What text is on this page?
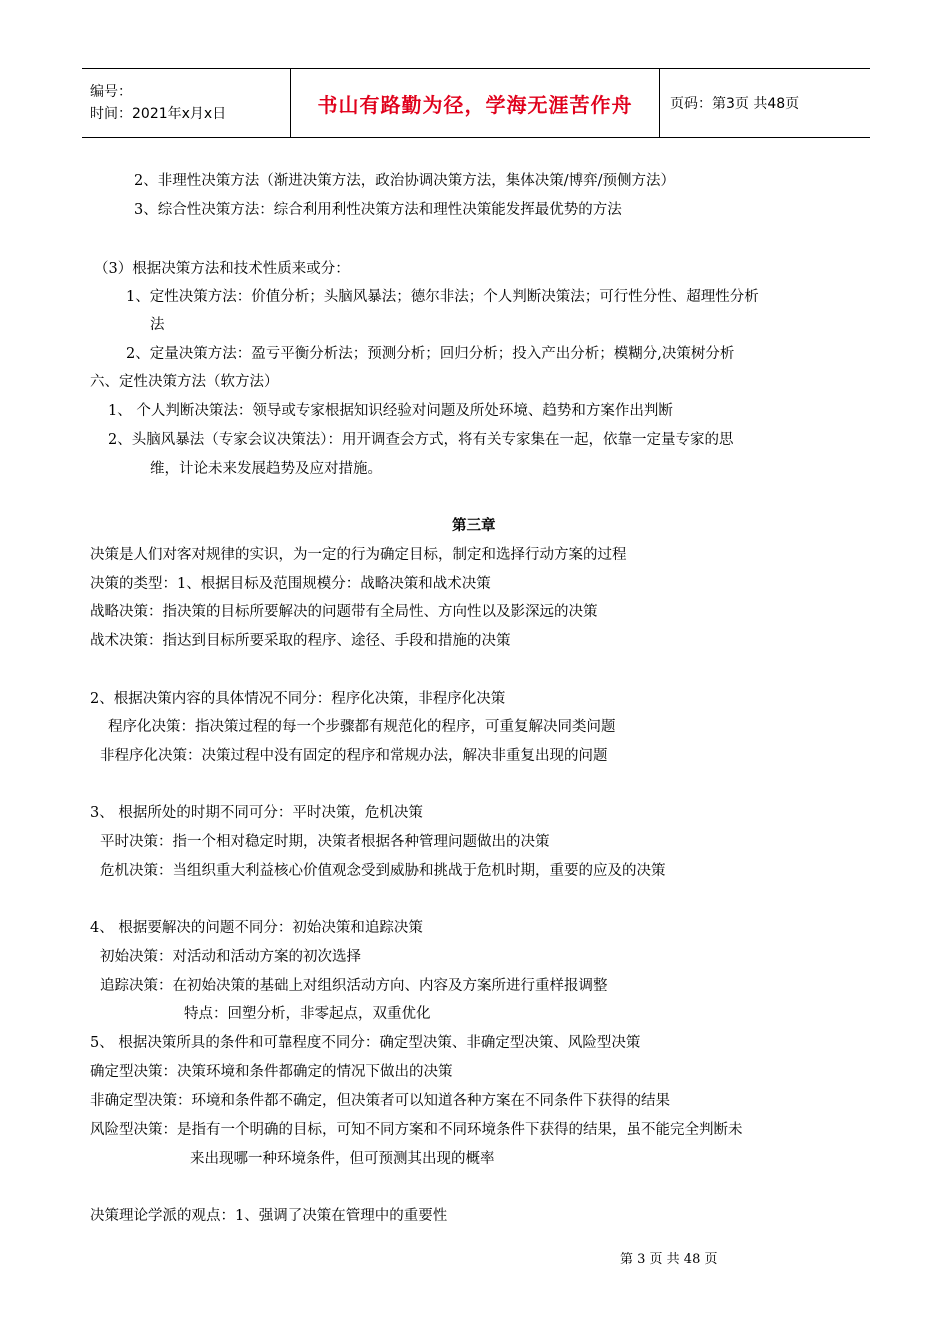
编号：
时间：2021年x月x日	书山有路勤为径，学海无涯苦作舟	页码：第3页 共48页
2、非理性决策方法（渐进决策方法，政治协调决策方法，集体决策/博弈/预侧方法）
3、综合性决策方法：综合利用利性决策方法和理性决策能发挥最优势的方法
（3）根据决策方法和技术性质来或分：
1、定性决策方法：价值分析；头脑风暴法；德尔非法；个人判断决策法；可行性分性、超理性分析
法
2、定量决策方法：盈亏平衡分析法；预测分析；回归分析；投入产出分析；模糊分,决策树分析
六、定性决策方法（软方法）
1、 个人判断决策法：领导或专家根据知识经验对问题及所处环境、趋势和方案作出判断
2、头脑风暴法（专家会议决策法）：用开调查会方式，将有关专家集在一起，依靠一定量专家的思
维，计论未来发展趋势及应对措施。
第三章
决策是人们对客对规律的实识，为一定的行为确定目标，制定和选择行动方案的过程
决策的类型：1、根据目标及范围规模分：战略决策和战术决策
战略决策：指决策的目标所要解决的问题带有全局性、方向性以及影深远的决策
战术决策：指达到目标所要采取的程序、途径、手段和措施的决策
2、根据决策内容的具体情况不同分：程序化决策，非程序化决策
程序化决策：指决策过程的每一个步骤都有规范化的程序，可重复解决同类问题
非程序化决策：决策过程中没有固定的程序和常规办法，解决非重复出现的问题
3、 根据所处的时期不同可分：平时决策，危机决策
平时决策：指一个相对稳定时期，决策者根据各种管理问题做出的决策
危机决策：当组织重大利益核心价值观念受到威胁和挑战于危机时期，重要的应及的决策
4、 根据要解决的问题不同分：初始决策和追踪决策
初始决策：对活动和活动方案的初次选择
追踪决策：在初始决策的基础上对组织活动方向、内容及方案所进行重样报调整
特点：回塑分析，非零起点，双重优化
5、 根据决策所具的条件和可靠程度不同分：确定型决策、非确定型决策、风险型决策
确定型决策：决策环境和条件都确定的情况下做出的决策
非确定型决策：环境和条件都不确定，但决策者可以知道各种方案在不同条件下获得的结果
风险型决策：是指有一个明确的目标，可知不同方案和不同环境条件下获得的结果，虽不能完全判断未
来出现哪一种环境条件，但可预测其出现的概率
决策理论学派的观点：1、强调了决策在管理中的重要性
第 3 页 共 48 页
